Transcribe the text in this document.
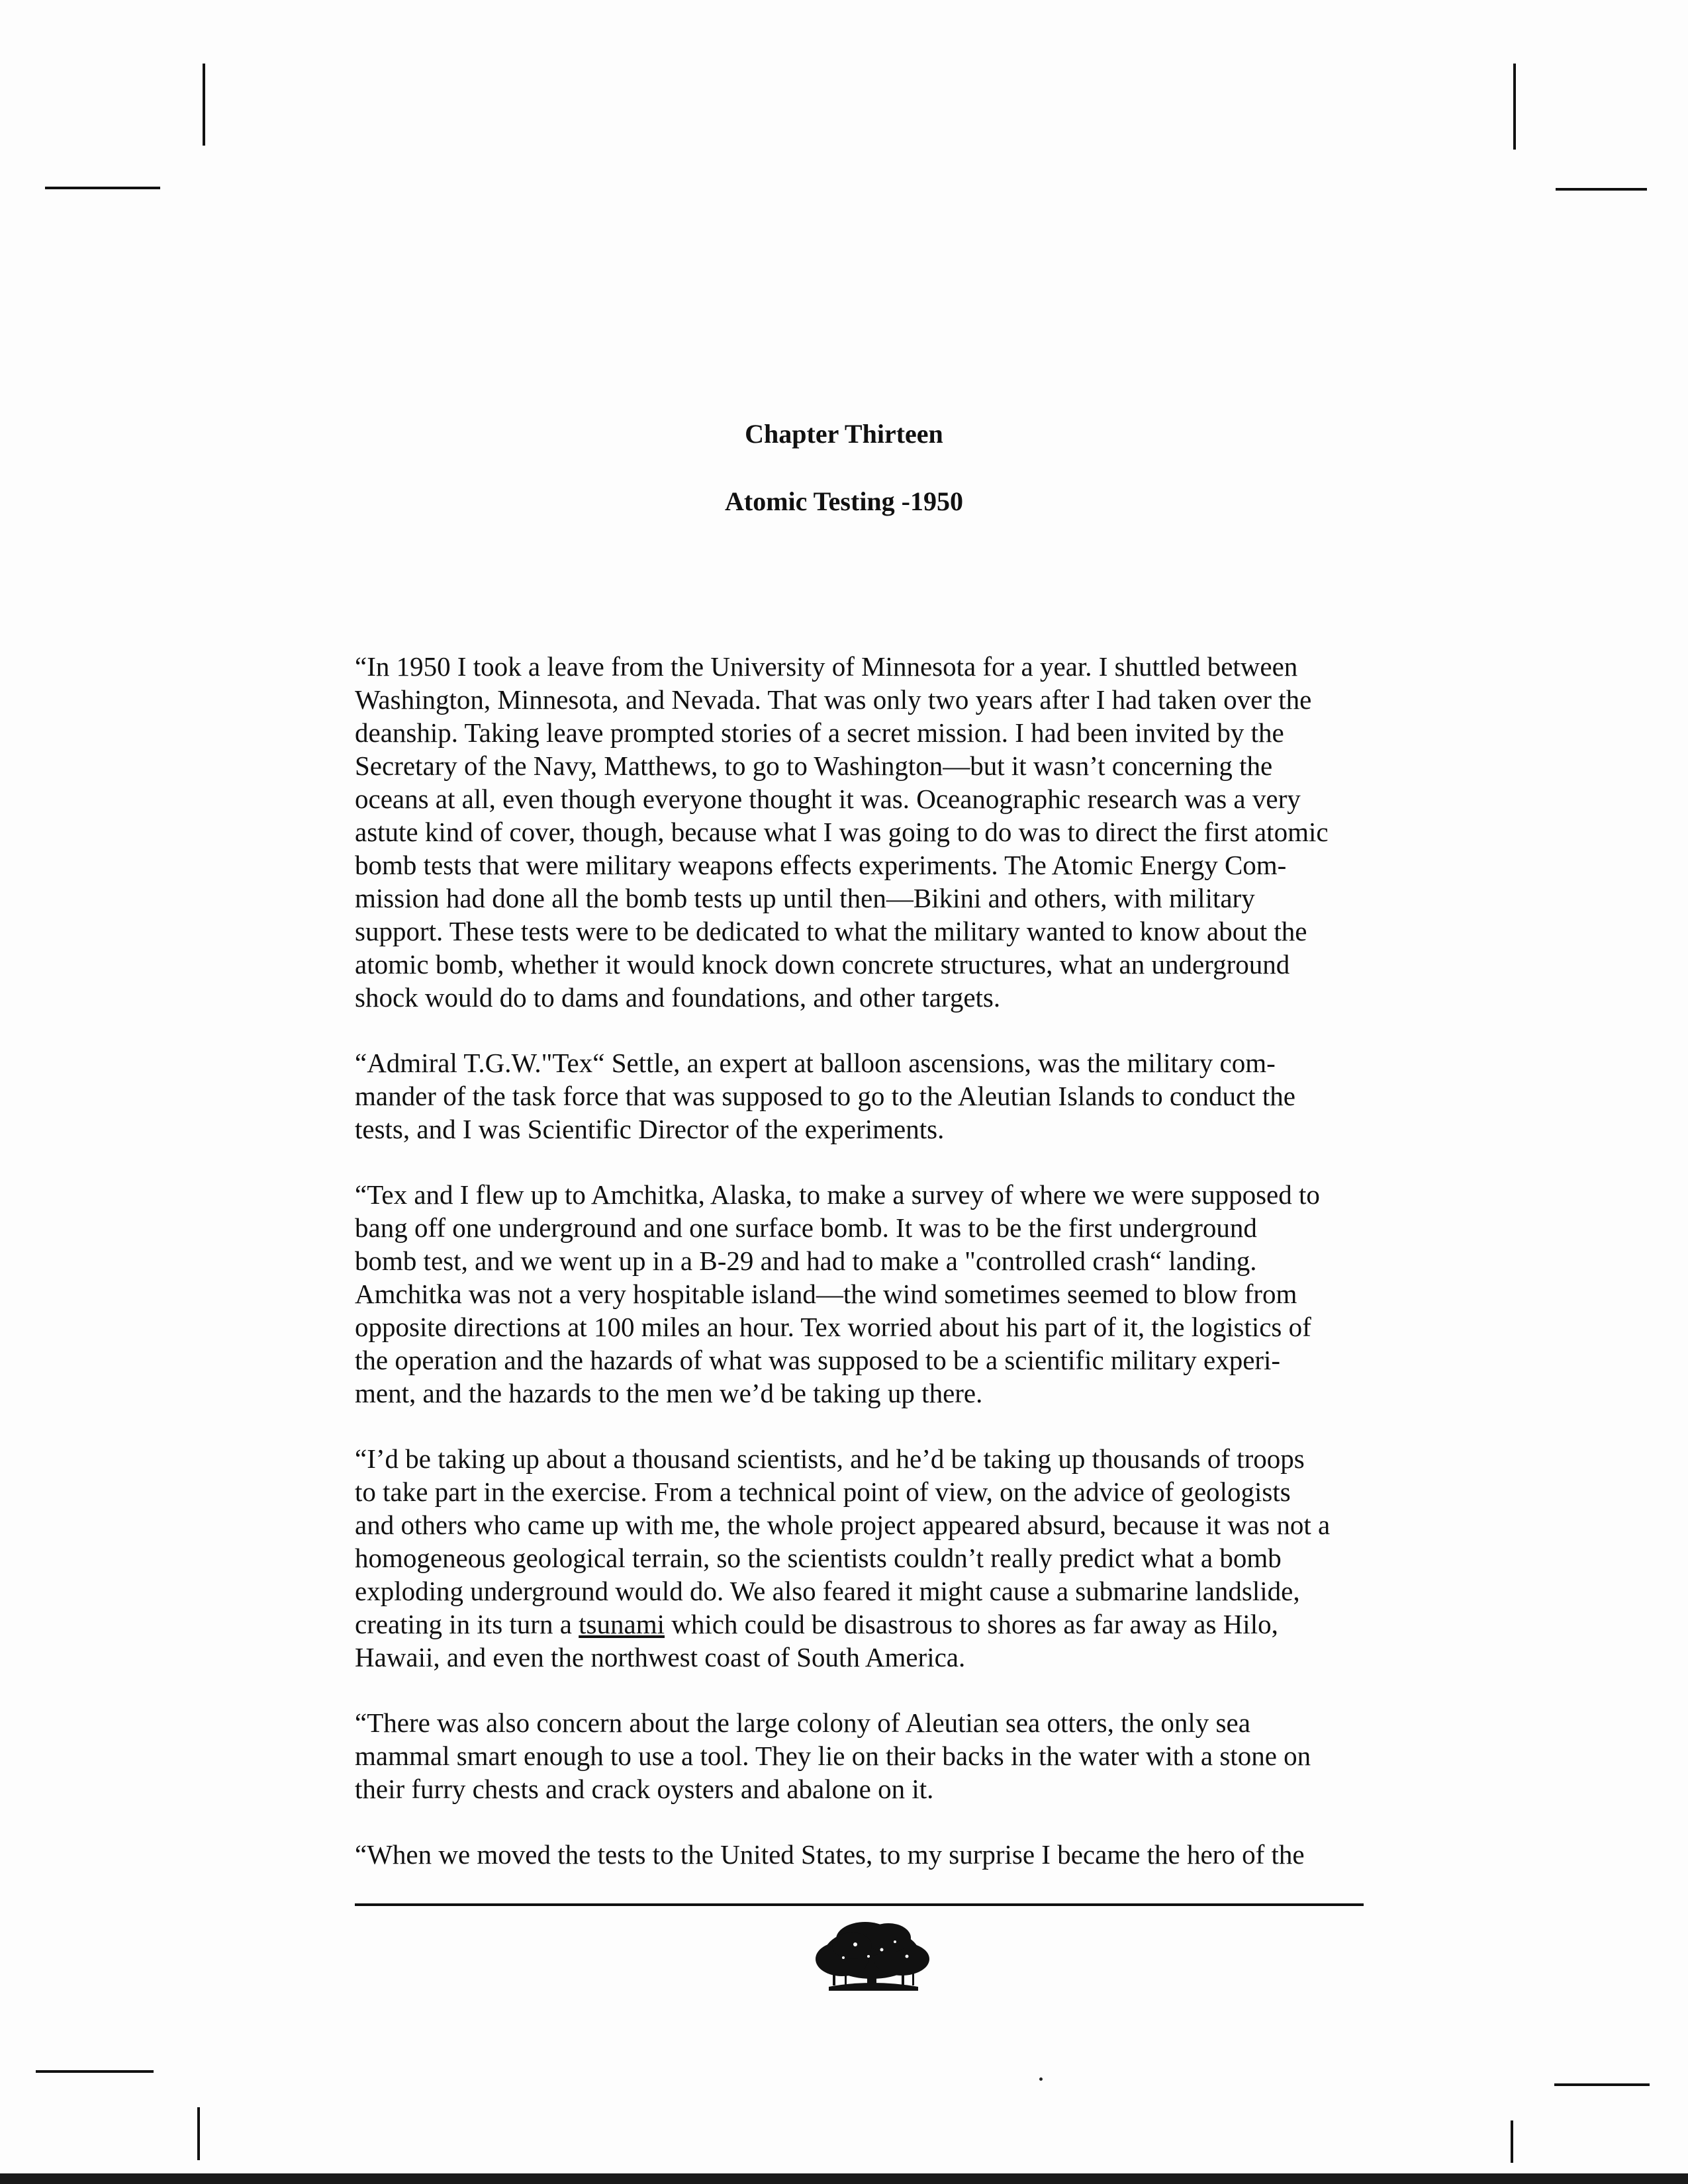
Chapter Thirteen
Atomic Testing -1950

“In 1950 I took a leave from the University of Minnesota for a year. I shuttled between
Washington, Minnesota, and Nevada. That was only two years after I had taken over the
deanship. Taking leave prompted stories of a secret mission. I had been invited by the
Secretary of the Navy, Matthews, to go to Washington—but it wasn’t concerning the
oceans at all, even though everyone thought it was. Oceanographic research was a very
astute kind of cover, though, because what I was going to do was to direct the first atomic
bomb tests that were military weapons effects experiments. The Atomic Energy Com-
mission had done all the bomb tests up until then—Bikini and others, with military
support. These tests were to be dedicated to what the military wanted to know about the
atomic bomb, whether it would knock down concrete structures, what an underground
shock would do to dams and foundations, and other targets.

“Admiral T.G.W."Tex“ Settle, an expert at balloon ascensions, was the military com-
mander of the task force that was supposed to go to the Aleutian Islands to conduct the
tests, and I was Scientific Director of the experiments.

“Tex and I flew up to Amchitka, Alaska, to make a survey of where we were supposed to
bang off one underground and one surface bomb. It was to be the first underground
bomb test, and we went up in a B-29 and had to make a "controlled crash“ landing.
Amchitka was not a very hospitable island—the wind sometimes seemed to blow from
opposite directions at 100 miles an hour. Tex worried about his part of it, the logistics of
the operation and the hazards of what was supposed to be a scientific military experi-
ment, and the hazards to the men we’d be taking up there.

“I’d be taking up about a thousand scientists, and he’d be taking up thousands of troops
to take part in the exercise. From a technical point of view, on the advice of geologists
and others who came up with me, the whole project appeared absurd, because it was not a
homogeneous geological terrain, so the scientists couldn’t really predict what a bomb
exploding underground would do. We also feared it might cause a submarine landslide,
creating in its turn a tsunami which could be disastrous to shores as far away as Hilo,
Hawaii, and even the northwest coast of South America.

“There was also concern about the large colony of Aleutian sea otters, the only sea
mammal smart enough to use a tool. They lie on their backs in the water with a stone on
their furry chests and crack oysters and abalone on it.

“When we moved the tests to the United States, to my surprise I became the hero of the
